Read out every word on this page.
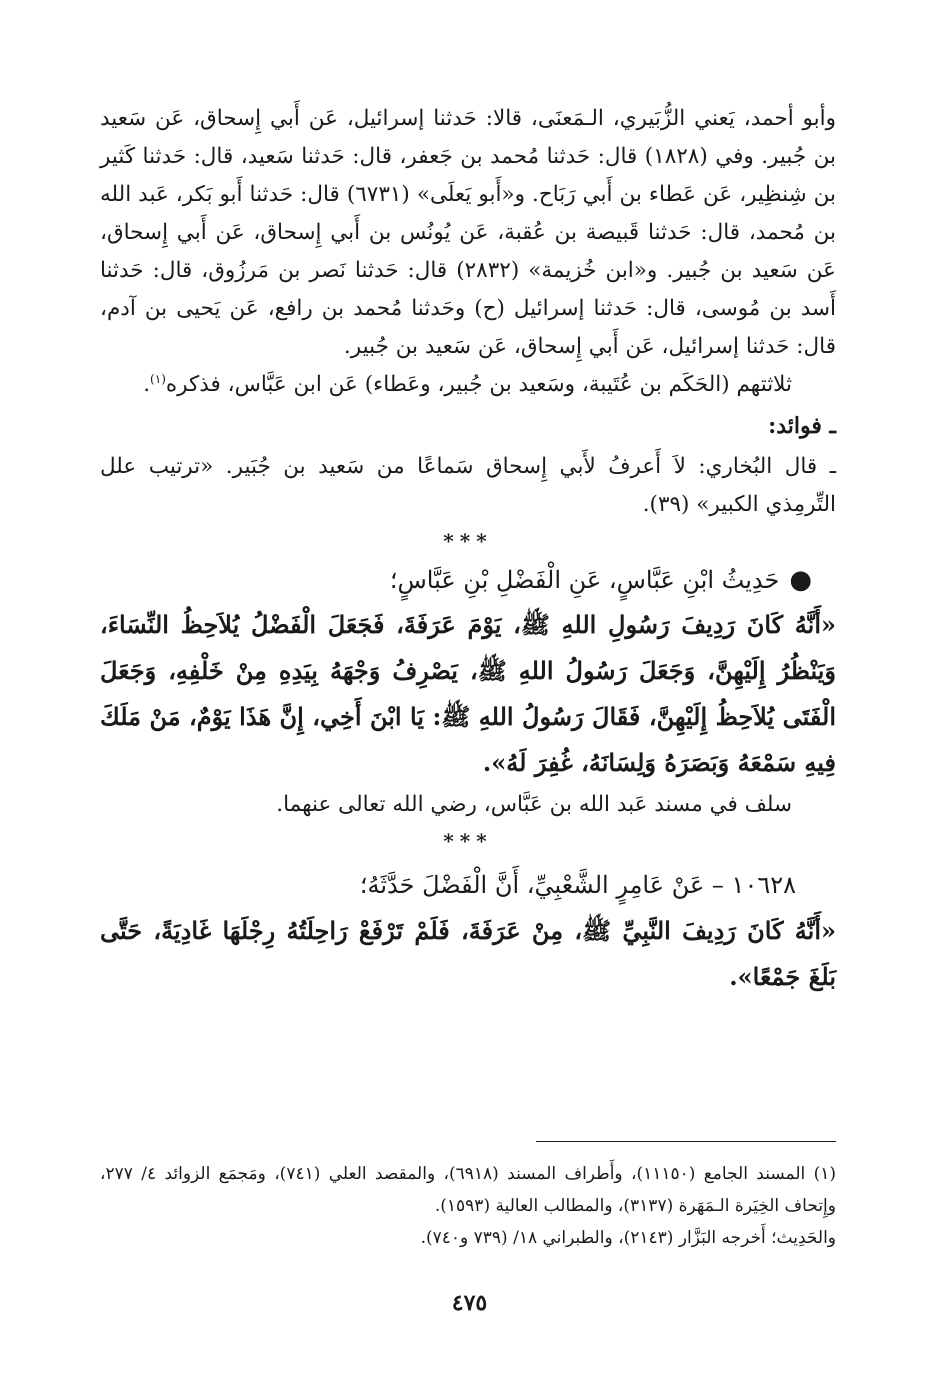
وأبو أحمد، يَعني الزُّبَيري، الـمَعنَى، قالا: حَدثنا إسرائيل، عَن أَبي إِسحاق، عَن سَعيد بن جُبير. وفي (١٨٢٨) قال: حَدثنا مُحمد بن جَعفر، قال: حَدثنا سَعيد، قال: حَدثنا كَثير بن شِنظِير، عَن عَطاء بن أَبي رَبَاح. و«أَبو يَعلَى» (٦٧٣١) قال: حَدثنا أَبو بَكر، عَبد الله بن مُحمد، قال: حَدثنا قَبيصة بن عُقبة، عَن يُونُس بن أَبي إِسحاق، عَن أَبي إِسحاق، عَن سَعيد بن جُبير. و«ابن خُزيمة» (٢٨٣٢) قال: حَدثنا نَصر بن مَرزُوق، قال: حَدثنا أَسد بن مُوسى، قال: حَدثنا إسرائيل (ح) وحَدثنا مُحمد بن رافع، عَن يَحيى بن آدم، قال: حَدثنا إسرائيل، عَن أَبي إِسحاق، عَن سَعيد بن جُبير.

ثلاثتهم (الحَكَم بن عُتَيبة، وسَعيد بن جُبير، وعَطاء) عَن ابن عَبَّاس، فذكره$^{(١)}$.

ـ فوائد:

ـ قال البُخاري: لاَ أَعرفُ لأَبي إِسحاق سَماعًا من سَعيد بن جُبَير. «ترتيب علل التِّرمِذي الكبير» (٣٩).

***

●حَدِيثُ ابْنِ عَبَّاسٍ، عَنِ الْفَضْلِ بْنِ عَبَّاسٍ؛

«أَنَّهُ كَانَ رَدِيفَ رَسُولِ اللهِ ﷺ، يَوْمَ عَرَفَةَ، فَجَعَلَ الْفَضْلُ يُلاَحِظُ النِّسَاءَ، وَيَنْظُرُ إِلَيْهِنَّ، وَجَعَلَ رَسُولُ اللهِ ﷺ، يَصْرِفُ وَجْهَهُ بِيَدِهِ مِنْ خَلْفِهِ، وَجَعَلَ الْفَتَى يُلاَحِظُ إِلَيْهِنَّ، فَقَالَ رَسُولُ اللهِ ﷺ: يَا ابْنَ أَخِي، إِنَّ هَذَا يَوْمٌ، مَنْ مَلَكَ فِيهِ سَمْعَهُ وَبَصَرَهُ وَلِسَانَهُ، غُفِرَ لَهُ».

سلف في مسند عَبد الله بن عَبَّاس، رضي الله تعالى عنهما.

***

١٠٦٢٨ – عَنْ عَامِرٍ الشَّعْبِيِّ، أَنَّ الْفَضْلَ حَدَّثَهُ؛

«أَنَّهُ كَانَ رَدِيفَ النَّبِيِّ ﷺ، مِنْ عَرَفَةَ، فَلَمْ تَرْفَعْ رَاحِلَتُهُ رِجْلَهَا غَادِيَةً، حَتَّى بَلَغَ جَمْعًا».

(١) المسند الجامع (١١١٥٠)، وأَطراف المسند (٦٩١٨)، والمقصد العلي (٧٤١)، ومَجمَع الزوائد ٤/ ٢٧٧، وإِتحاف الخِيَرة الـمَهَرة (٣١٣٧)، والمطالب العالية (١٥٩٣).

والحَدِيث؛ أَخرجه البَزَّار (٢١٤٣)، والطبراني ١٨/ (٧٣٩ و٧٤٠).

٤٧٥
